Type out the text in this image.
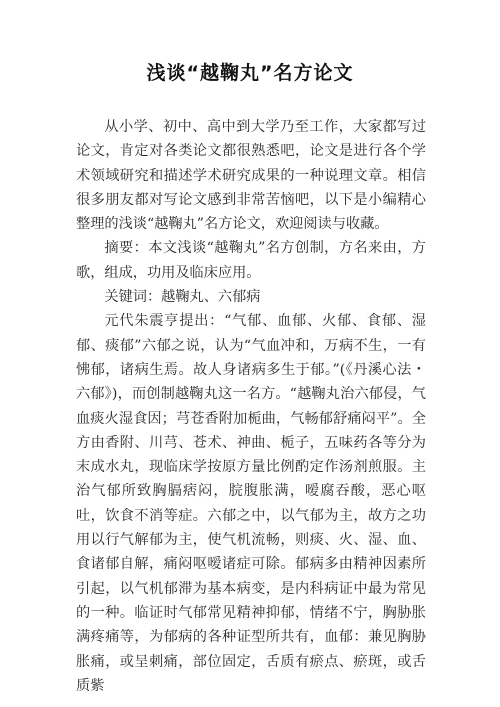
浅谈“越鞠丸”名方论文

从小学、初中、高中到大学乃至工作，大家都写过论文，肯定对各类论文都很熟悉吧，论文是进行各个学术领域研究和描述学术研究成果的一种说理文章。相信很多朋友都对写论文感到非常苦恼吧，以下是小编精心整理的浅谈“越鞠丸”名方论文，欢迎阅读与收藏。

摘要：本文浅谈“越鞠丸”名方创制，方名来由，方歌，组成，功用及临床应用。

关键词：越鞠丸、六郁病

元代朱震亨提出：“气郁、血郁、火郁、食郁、湿郁、痰郁”六郁之说，认为“气血冲和，万病不生，一有怫郁，诸病生焉。故人身诸病多生于郁。”(《丹溪心法・六郁》)，而创制越鞠丸这一名方。“越鞠丸治六郁侵，气血痰火湿食因；芎苍香附加栀曲，气畅郁舒痛闷平”。全方由香附、川芎、苍术、神曲、栀子，五味药各等分为末成水丸，现临床学按原方量比例酌定作汤剂煎服。主治气郁所致胸膈痞闷，脘腹胀满，嗳腐吞酸，恶心呕吐，饮食不消等症。六郁之中，以气郁为主，故方之功用以行气解郁为主，使气机流畅，则痰、火、湿、血、食诸郁自解，痛闷呕嗳诸症可除。郁病多由精神因素所引起，以气机郁滞为基本病变，是内科病证中最为常见的一种。临证时气郁常见精神抑郁，情绪不宁，胸胁胀满疼痛等，为郁病的各种证型所共有，血郁：兼见胸胁胀痛，或呈刺痛，部位固定，舌质有瘀点、瘀斑，或舌质紫
